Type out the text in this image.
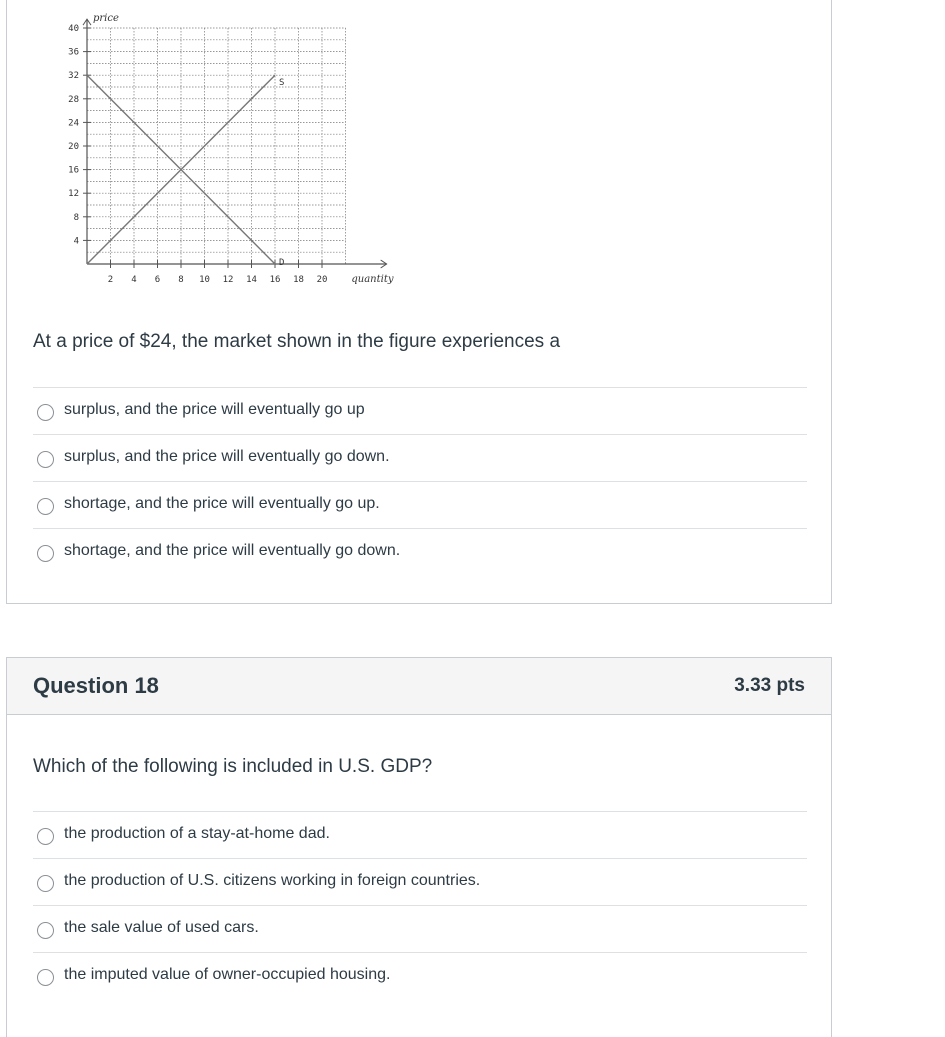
2 4 6 8 10 12 14 16 18 20
4
8
12
16
20
24
28
32
36
40
price
quantity
S
D
At a price of $24, the market shown in the figure experiences a
surplus, and the price will eventually go up
surplus, and the price will eventually go down.
shortage, and the price will eventually go up.
shortage, and the price will eventually go down.
Question 18	3.33 pts
Which of the following is included in U.S. GDP?
the production of a stay-at-home dad.
the production of U.S. citizens working in foreign countries.
the sale value of used cars.
the imputed value of owner-occupied housing.
